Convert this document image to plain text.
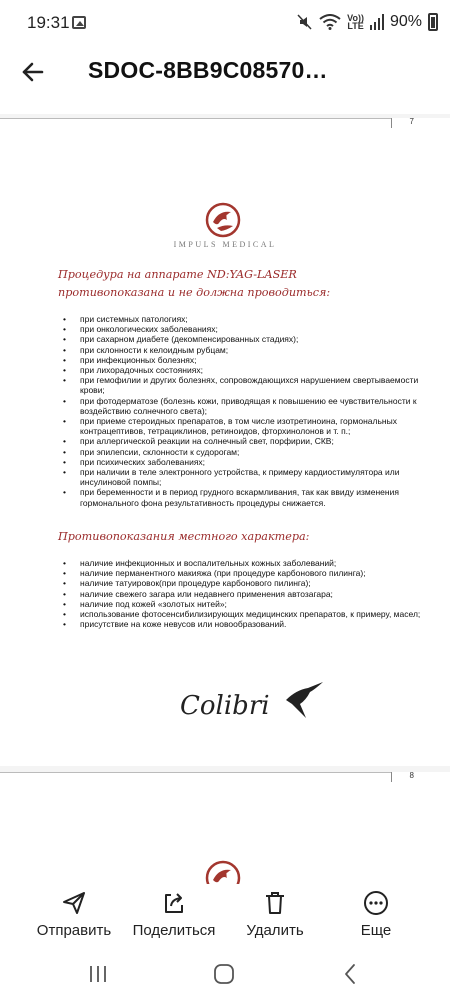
19:31	Vo))
LTE 90%
SDOC-8BB9C08570…
7
IMPULS MEDICAL
Процедура на аппарате ND:YAG-LASER противопоказана и не должна проводиться:
• при системных патологиях;
• при онкологических заболеваниях;
• при сахарном диабете (декомпенсированных стадиях);
• при склонности к келоидным рубцам;
• при инфекционных болезнях;
• при лихорадочных состояниях;
• при гемофилии и других болезнях, сопровождающихся нарушением свертываемости крови;
• при фотодерматозе (болезнь кожи, приводящая к повышению ее чувствительности к воздействию солнечного света);
• при приеме стероидных препаратов, в том числе изотретиноина, гормональных контрацептивов, тетрациклинов, ретиноидов, фторхинолонов и т. п.;
• при аллергической реакции на солнечный свет, порфирии, СКВ;
• при эпилепсии, склонности к судорогам;
• при психических заболеваниях;
• при наличии в теле электронного устройства, к примеру кардиостимулятора или инсулиновой помпы;
• при беременности и в период грудного вскармливания, так как ввиду изменения гормонального фона результативность процедуры снижается.
Противопоказания местного характера:
• наличие инфекционных и воспалительных кожных заболеваний;
• наличие перманентного макияжа (при процедуре карбонового пилинга);
• наличие татуировок(при процедуре карбонового пилинга);
• наличие свежего загара или недавнего применения автозагара;
• наличие под кожей «золотых нитей»;
• использование фотосенсибилизирующих медицинских препаратов, к примеру, масел;
• присутствие на коже невусов или новообразований.
Colibri
8
Отправить	Поделиться	Удалить	Еще
